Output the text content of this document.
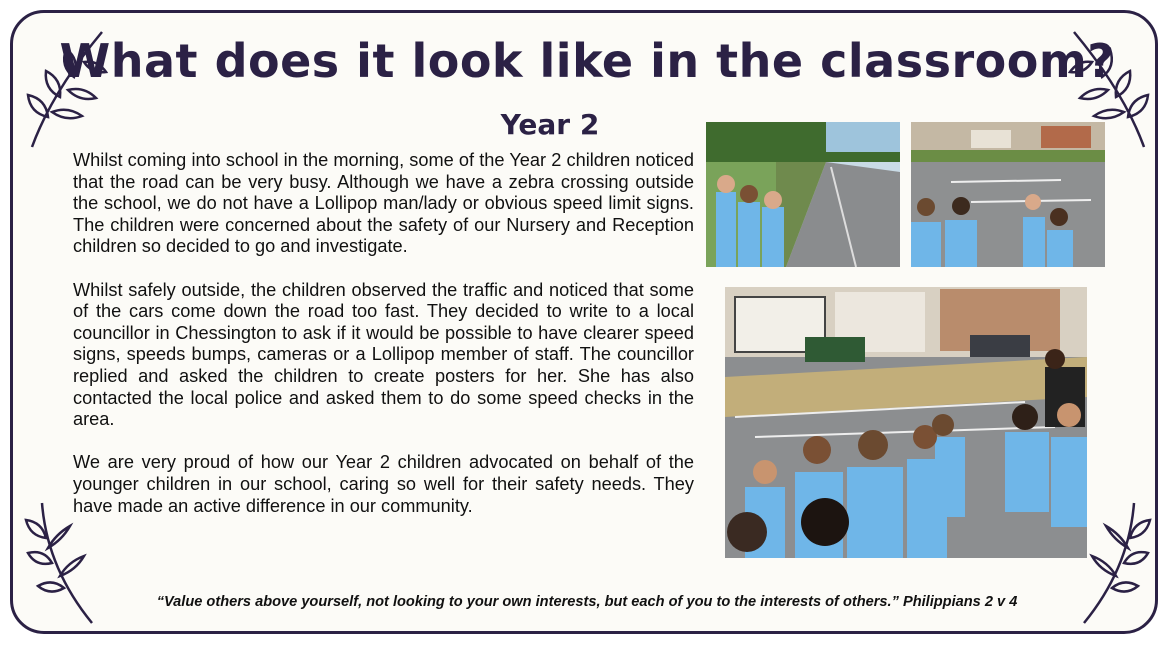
What does it look like in the classroom?
Year 2

Whilst coming into school in the morning, some of the Year 2 children noticed that the road can be very busy. Although we have a zebra crossing outside the school, we do not have a Lollipop man/lady or obvious speed limit signs. The children were concerned about the safety of our Nursery and Reception children so decided to go and investigate.

Whilst safely outside, the children observed the traffic and noticed that some of the cars come down the road too fast. They decided to write to a local councillor in Chessington to ask if it would be possible to have clearer speed signs, speeds bumps, cameras or a Lollipop member of staff. The councillor replied and asked the children to create posters for her. She has also contacted the local police and asked them to do some speed checks in the area.

We are very proud of how our Year 2 children advocated on behalf of the younger children in our school, caring so well for their safety needs. They have made an active difference in our community.

“Value others above yourself, not looking to your own interests, but each of you to the interests of others.” Philippians 2 v 4
